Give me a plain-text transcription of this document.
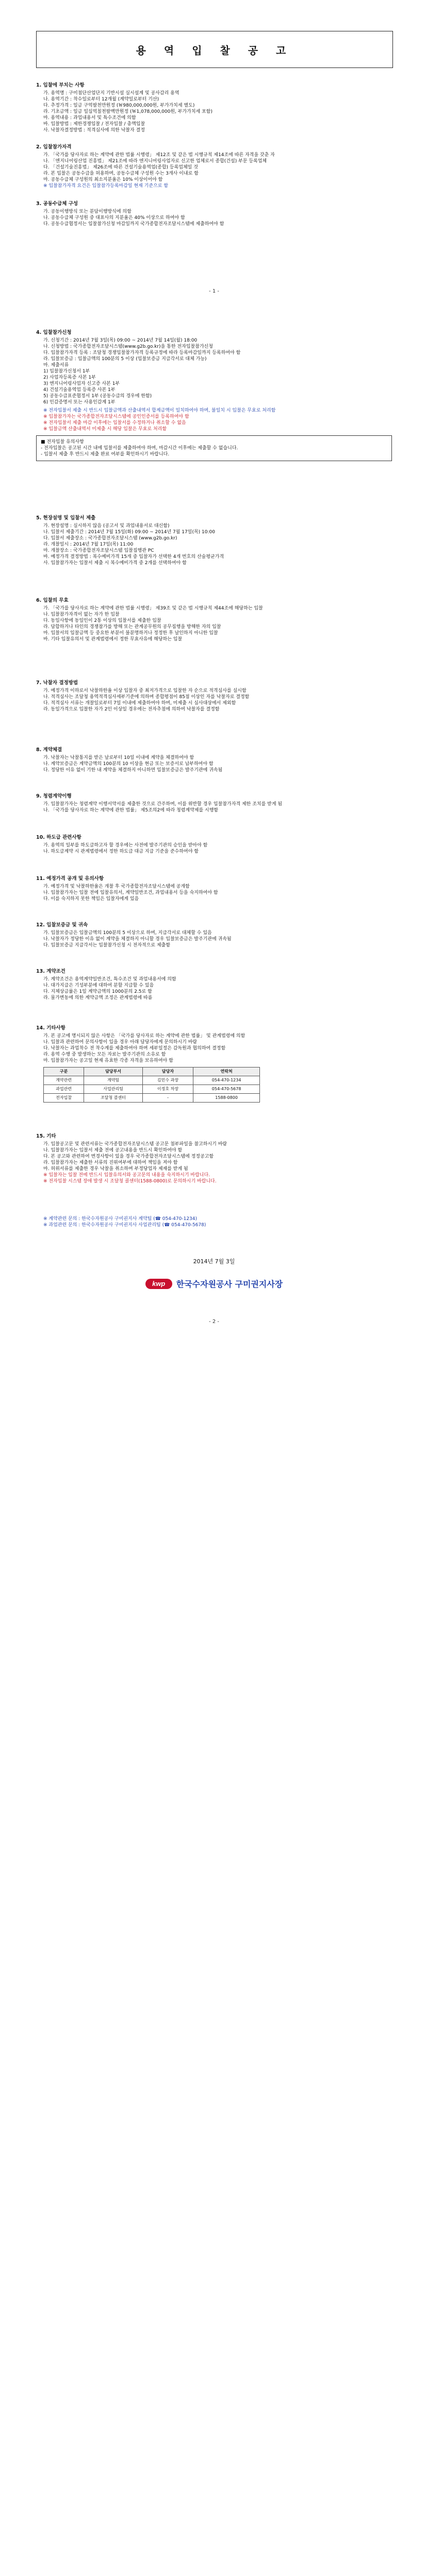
용 역 입 찰 공 고
1. 입찰에 부치는 사항
가. 용역명 : 구미첨단산업단지 기반시설 실시설계 및 공사감리 용역
나. 용역기간 : 착수일로부터 12개월 (계약일로부터 기산)
다. 추정가격 : 일금 구억팔천만원정 (￦980,000,000원, 부가가치세 별도)
라. 기초금액 : 일금 일십억칠천팔백만원정 (￦1,078,000,000원, 부가가치세 포함)
마. 용역내용 : 과업내용서 및 특수조건에 의함
바. 입찰방법 : 제한경쟁입찰 / 전자입찰 / 총액입찰
사. 낙찰자결정방법 : 적격심사에 의한 낙찰자 결정
2. 입찰참가자격
가. 「국가를 당사자로 하는 계약에 관한 법률 시행령」 제12조 및 같은 법 시행규칙 제14조에 따른 자격을 갖춘 자
나. 「엔지니어링산업 진흥법」 제21조에 따라 엔지니어링사업자로 신고한 업체로서 종합(건설) 부문 등록업체
다. 「건설기술진흥법」 제26조에 따른 건설기술용역업(종합) 등록업체일 것
라. 본 입찰은 공동수급을 허용하며, 공동수급체 구성원 수는 3개사 이내로 함
마. 공동수급체 구성원의 최소지분율은 10% 이상이어야 함
※ 입찰참가자격 요건은 입찰참가등록마감일 현재 기준으로 함
3. 공동수급체 구성
가. 공동이행방식 또는 분담이행방식에 의함
나. 공동수급체 구성원 중 대표사의 지분율은 40% 이상으로 하여야 함
다. 공동수급협정서는 입찰참가신청 마감일까지 국가종합전자조달시스템에 제출하여야 함
- 1 -
4. 입찰참가신청
가. 신청기간 : 2014년 7월 3일(목) 09:00 ~ 2014년 7월 14일(월) 18:00
나. 신청방법 : 국가종합전자조달시스템(www.g2b.go.kr)을 통한 전자입찰참가신청
다. 입찰참가자격 등록 : 조달청 경쟁입찰참가자격 등록규정에 따라 등록마감일까지 등록하여야 함
라. 입찰보증금 : 입찰금액의 100분의 5 이상 (입찰보증금 지급각서로 대체 가능)
마. 제출서류
1) 입찰참가신청서 1부
2) 사업자등록증 사본 1부
3) 엔지니어링사업자 신고증 사본 1부
4) 건설기술용역업 등록증 사본 1부
5) 공동수급표준협정서 1부 (공동수급의 경우에 한함)
6) 인감증명서 또는 사용인감계 1부
※ 전자입찰서 제출 시 반드시 입찰금액과 산출내역서 합계금액이 일치하여야 하며, 불일치 시 입찰은 무효로 처리함
※ 입찰참가자는 국가종합전자조달시스템에 공인인증서를 등록하여야 함
※ 전자입찰서 제출 마감 이후에는 입찰서를 수정하거나 취소할 수 없음
※ 입찰금액 산출내역서 미제출 시 해당 입찰은 무효로 처리함
■ 전자입찰 유의사항
- 전자입찰은 공고된 시간 내에 입찰서를 제출하여야 하며, 마감시간 이후에는 제출할 수 없습니다.
- 입찰서 제출 후 반드시 제출 완료 여부를 확인하시기 바랍니다.
5. 현장설명 및 입찰서 제출
가. 현장설명 : 실시하지 않음 (공고서 및 과업내용서로 대신함)
나. 입찰서 제출기간 : 2014년 7월 15일(화) 09:00 ~ 2014년 7월 17일(목) 10:00
다. 입찰서 제출장소 : 국가종합전자조달시스템 (www.g2b.go.kr)
라. 개찰일시 : 2014년 7월 17일(목) 11:00
마. 개찰장소 : 국가종합전자조달시스템 입찰집행관 PC
바. 예정가격 결정방법 : 복수예비가격 15개 중 입찰자가 선택한 4개 번호의 산술평균가격
사. 입찰참가자는 입찰서 제출 시 복수예비가격 중 2개를 선택하여야 함
6. 입찰의 무효
가. 「국가를 당사자로 하는 계약에 관한 법률 시행령」 제39조 및 같은 법 시행규칙 제44조에 해당하는 입찰
나. 입찰참가자격이 없는 자가 한 입찰
다. 동일사항에 동일인이 2통 이상의 입찰서를 제출한 입찰
라. 담합하거나 타인의 경쟁참가를 방해 또는 관계공무원의 공무집행을 방해한 자의 입찰
마. 입찰서의 입찰금액 등 중요한 부분이 불분명하거나 정정한 후 날인하지 아니한 입찰
바. 기타 입찰유의서 및 관계법령에서 정한 무효사유에 해당하는 입찰
7. 낙찰자 결정방법
가. 예정가격 이하로서 낙찰하한율 이상 입찰자 중 최저가격으로 입찰한 자 순으로 적격심사를 실시함
나. 적격심사는 조달청 용역적격심사세부기준에 의하며 종합평점이 85점 이상인 자를 낙찰자로 결정함
다. 적격심사 서류는 개찰일로부터 7일 이내에 제출하여야 하며, 미제출 시 심사대상에서 제외함
라. 동일가격으로 입찰한 자가 2인 이상일 경우에는 전자추첨에 의하여 낙찰자를 결정함
8. 계약체결
가. 낙찰자는 낙찰통지를 받은 날로부터 10일 이내에 계약을 체결하여야 함
나. 계약보증금은 계약금액의 100분의 10 이상을 현금 또는 보증서로 납부하여야 함
다. 정당한 이유 없이 기한 내 계약을 체결하지 아니하면 입찰보증금은 발주기관에 귀속됨
9. 청렴계약이행
가. 입찰참가자는 청렴계약 이행서약서를 제출한 것으로 간주하며, 이를 위반할 경우 입찰참가자격 제한 조치를 받게 됨
나. 「국가를 당사자로 하는 계약에 관한 법률」 제5조의2에 따라 청렴계약제를 시행함
10. 하도급 관련사항
가. 용역의 일부를 하도급하고자 할 경우에는 사전에 발주기관의 승인을 받아야 함
나. 하도급계약 시 관계법령에서 정한 하도급 대금 지급 기준을 준수하여야 함
11. 예정가격 공개 및 유의사항
가. 예정가격 및 낙찰하한율은 개찰 후 국가종합전자조달시스템에 공개함
나. 입찰참가자는 입찰 전에 입찰유의서, 계약일반조건, 과업내용서 등을 숙지하여야 함
다. 이를 숙지하지 못한 책임은 입찰자에게 있음
12. 입찰보증금 및 귀속
가. 입찰보증금은 입찰금액의 100분의 5 이상으로 하며, 지급각서로 대체할 수 있음
나. 낙찰자가 정당한 이유 없이 계약을 체결하지 아니할 경우 입찰보증금은 발주기관에 귀속됨
다. 입찰보증금 지급각서는 입찰참가신청 시 전자적으로 제출함
13. 계약조건
가. 계약조건은 용역계약일반조건, 특수조건 및 과업내용서에 의함
나. 대가지급은 기성부분에 대하여 분할 지급할 수 있음
다. 지체상금률은 1일 계약금액의 1000분의 2.5로 함
라. 물가변동에 의한 계약금액 조정은 관계법령에 따름
14. 기타사항
가. 본 공고에 명시되지 않은 사항은 「국가를 당사자로 하는 계약에 관한 법률」 및 관계법령에 의함
나. 입찰과 관련하여 문의사항이 있을 경우 아래 담당자에게 문의하시기 바람
다. 낙찰자는 과업착수 전 착수계를 제출하여야 하며 세부일정은 감독원과 협의하여 결정함
라. 용역 수행 중 발생하는 모든 자료는 발주기관의 소유로 함
마. 입찰참가자는 공고일 현재 유효한 각종 자격을 보유하여야 함
구분	담당부서	담당자	연락처
계약관련	계약팀	김민수 과장	054-470-1234
과업관련	사업관리팀	이정호 차장	054-470-5678
전자입찰	조달청 콜센터	-	1588-0800
15. 기타
가. 입찰공고문 및 관련서류는 국가종합전자조달시스템 공고문 첨부파일을 참고하시기 바람
나. 입찰참가자는 입찰서 제출 전에 공고내용을 반드시 확인하여야 함
다. 본 공고와 관련하여 변경사항이 있을 경우 국가종합전자조달시스템에 정정공고함
라. 입찰참가자는 제출한 서류의 진위여부에 대하여 책임을 져야 함
마. 허위서류를 제출한 경우 낙찰을 취소하며 부정당업자 제재를 받게 됨
※ 입찰자는 입찰 전에 반드시 입찰유의서와 공고문의 내용을 숙지하시기 바랍니다.
※ 전자입찰 시스템 장애 발생 시 조달청 콜센터(1588-0800)로 문의하시기 바랍니다.
※ 계약관련 문의 : 한국수자원공사 구미권지사 계약팀 (☎ 054-470-1234)
※ 과업관련 문의 : 한국수자원공사 구미권지사 사업관리팀 (☎ 054-470-5678)
2014년 7월 3일
kwp	한국수자원공사 구미권지사장
- 2 -
